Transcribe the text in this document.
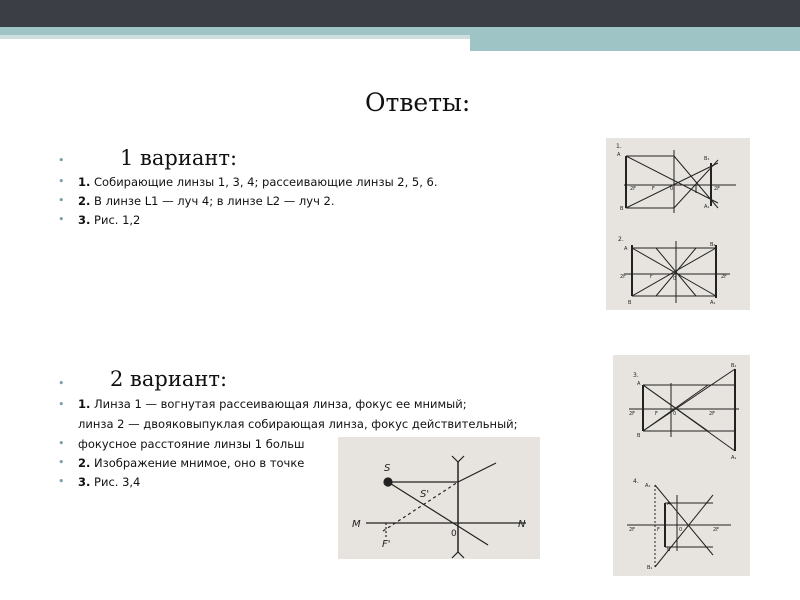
Ответы:
•	1 вариант:
• 1. Собирающие линзы 1, 3, 4; рассеивающие линзы 2, 5, 6.
• 2. В линзе L1 — луч 4; в линзе L2 — луч 2.
• 3. Рис. 1,2
• 2 вариант:
• 1. Линза 1 — вогнутая рассеивающая линза, фокус ее мнимый;
линза 2 — двояковыпуклая собирающая линза, фокус действительный;
• фокусное расстояние линзы 1 больш
• 2. Изображение мнимое, оно в точке
• 3. Рис. 3,4
1.
A
B
B₁
A₁
2F	F	0	2F
2.
A
B
B₁
A₁
2F	F	0	2F
3.
A
B
B₁
A₁
2F	F	0	2F
4.
A₁
A
B
B₁
2F	F	0	2F
S
S'
M	N
F'
0
